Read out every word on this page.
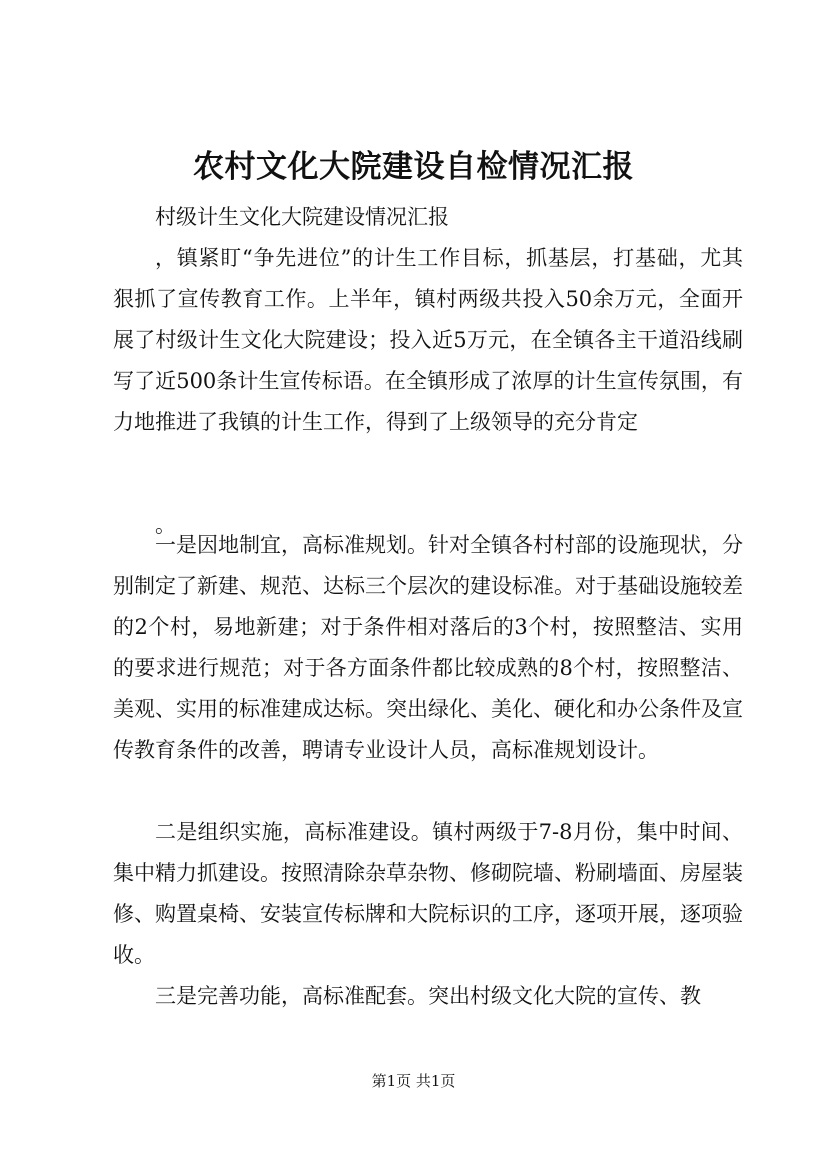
农村文化大院建设自检情况汇报
村级计生文化大院建设情况汇报

，镇紧盯“争先进位”的计生工作目标，抓基层，打基础，尤其狠抓了宣传教育工作。上半年，镇村两级共投入50余万元，全面开展了村级计生文化大院建设；投入近5万元，在全镇各主干道沿线刷写了近500条计生宣传标语。在全镇形成了浓厚的计生宣传氛围，有力地推进了我镇的计生工作，得到了上级领导的充分肯定

。

一是因地制宜，高标准规划。针对全镇各村村部的设施现状，分别制定了新建、规范、达标三个层次的建设标准。对于基础设施较差的2个村，易地新建；对于条件相对落后的3个村，按照整洁、实用的要求进行规范；对于各方面条件都比较成熟的8个村，按照整洁、美观、实用的标准建成达标。突出绿化、美化、硬化和办公条件及宣传教育条件的改善，聘请专业设计人员，高标准规划设计。

二是组织实施，高标准建设。镇村两级于7-8月份，集中时间、集中精力抓建设。按照清除杂草杂物、修砌院墙、粉刷墙面、房屋装修、购置桌椅、安装宣传标牌和大院标识的工序，逐项开展，逐项验收。

三是完善功能，高标准配套。突出村级文化大院的宣传、教

第1页 共1页
